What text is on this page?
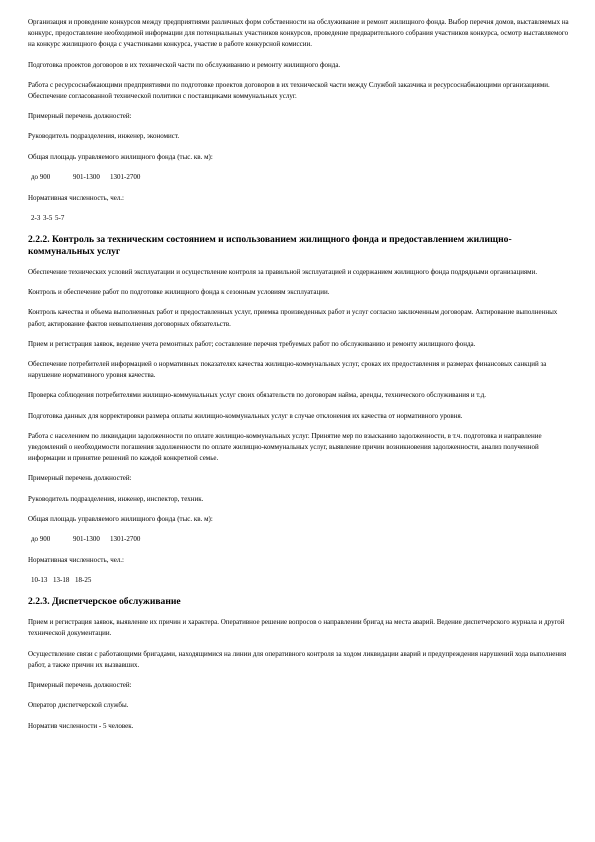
Организация и проведение конкурсов между предприятиями различных форм собственности на обслуживание и ремонт жилищного фонда. Выбор перечня домов, выставляемых на конкурс, предоставление необходимой информации для потенциальных участников конкурсов, проведение предварительного собрания участников конкурса, осмотр выставляемого на конкурс жилищного фонда с участниками конкурса, участие в работе конкурсной комиссии.

Подготовка проектов договоров в их технической части по обслуживанию и ремонту жилищного фонда.

Работа с ресурсоснабжающими предприятиями по подготовке проектов договоров в их технической части между Службой заказчика и ресурсоснабжающими организациями. Обеспечение согласованной технической политики с поставщиками коммунальных услуг.

Примерный перечень должностей:

Руководитель подразделения, инженер, экономист.

Общая площадь управляемого жилищного фонда (тыс. кв. м):

до 900	901-1300 1301-2700

Нормативная численность, чел.:

2-3 3-5 5-7
2.2.2. Контроль за техническим состоянием и использованием жилищного фонда и предоставлением жилищно-коммунальных услуг

Обеспечение технических условий эксплуатации и осуществление контроля за правильной эксплуатацией и содержанием жилищного фонда подрядными организациями.

Контроль и обеспечение работ по подготовке жилищного фонда к сезонным условиям эксплуатации.

Контроль качества и объема выполненных работ и предоставленных услуг, приемка произведенных работ и услуг согласно заключенным договорам. Актирование выполненных работ, актирование фактов невыполнения договорных обязательств.

Прием и регистрация заявок, ведение учета ремонтных работ; составление перечня требуемых работ по обслуживанию и ремонту жилищного фонда.

Обеспечение потребителей информацией о нормативных показателях качества жилищно-коммунальных услуг, сроках их предоставления и размерах финансовых санкций за нарушение нормативного уровня качества.

Проверка соблюдения потребителями жилищно-коммунальных услуг своих обязательств по договорам найма, аренды, технического обслуживания и т.д.

Подготовка данных для корректировки размера оплаты жилищно-коммунальных услуг в случае отклонения их качества от нормативного уровня.

Работа с населением по ликвидации задолженности по оплате жилищно-коммунальных услуг. Принятие мер по взысканию задолженности, в т.ч. подготовка и направление уведомлений о необходимости погашения задолженности по оплате жилищно-коммунальных услуг, выявление причин возникновения задолженности, анализ полученной информации и принятие решений по каждой конкретной семье.

Примерный перечень должностей:

Руководитель подразделения, инженер, инспектор, техник.

Общая площадь управляемого жилищного фонда (тыс. кв. м):

до 900	901-1300 1301-2700

Нормативная численность, чел.:

10-13 13-18 18-25
2.2.3. Диспетчерское обслуживание

Прием и регистрация заявок, выявление их причин и характера. Оперативное решение вопросов о направлении бригад на места аварий. Ведение диспетчерского журнала и другой технической документации.

Осуществление связи с работающими бригадами, находящимися на линии для оперативного контроля за ходом ликвидации аварий и предупреждения нарушений хода выполнения работ, а также причин их вызвавших.

Примерный перечень должностей:

Оператор диспетчерской службы.

Норматив численности - 5 человек.
